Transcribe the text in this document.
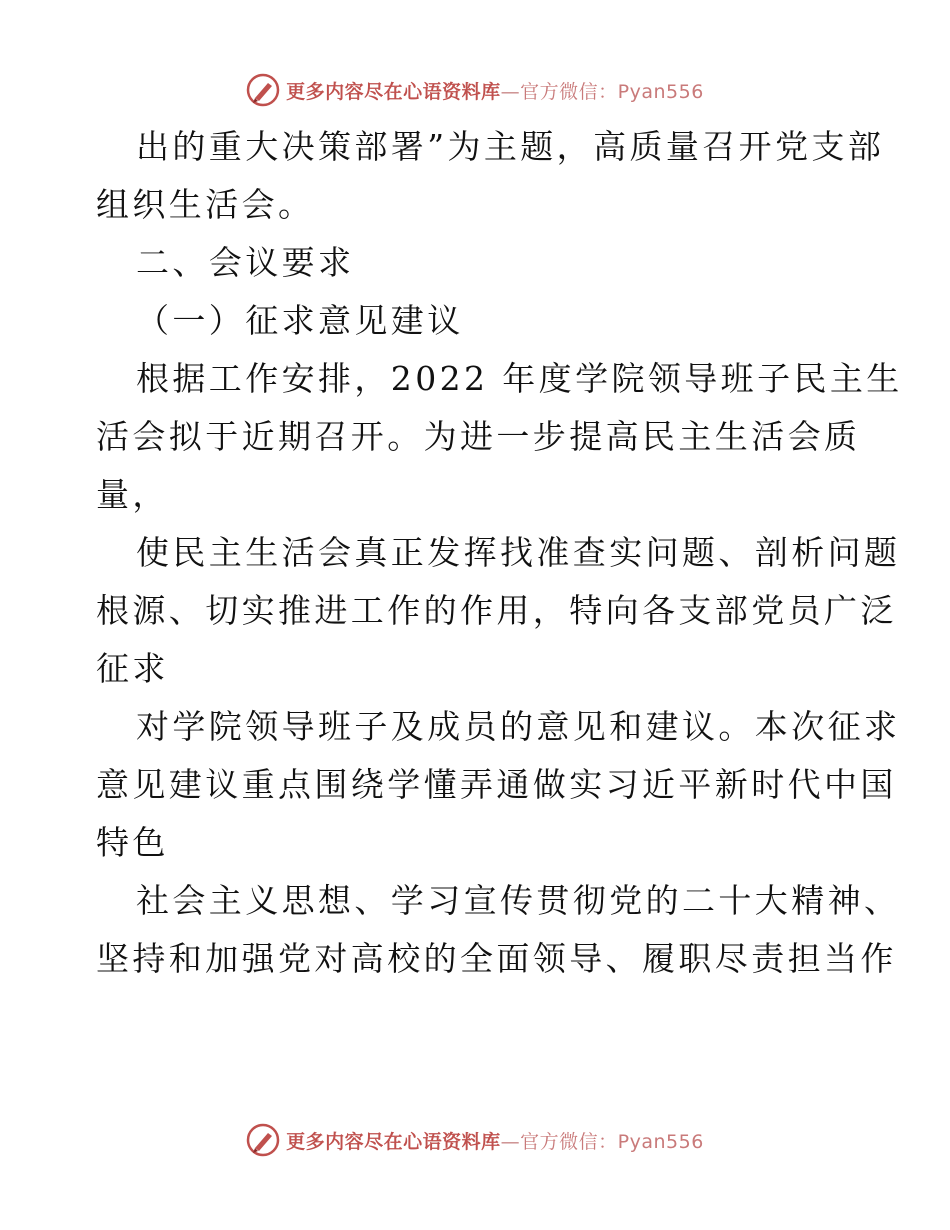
更多内容尽在心语资料库—官方微信：Pyan556
出的重大决策部署”为主题，高质量召开党支部
组织生活会。
二、会议要求
（一）征求意见建议
根据工作安排，2022 年度学院领导班子民主生
活会拟于近期召开。为进一步提高民主生活会质
量，
使民主生活会真正发挥找准查实问题、剖析问题
根源、切实推进工作的作用，特向各支部党员广泛
征求
对学院领导班子及成员的意见和建议。本次征求
意见建议重点围绕学懂弄通做实习近平新时代中国
特色
社会主义思想、学习宣传贯彻党的二十大精神、
坚持和加强党对高校的全面领导、履职尽责担当作
更多内容尽在心语资料库—官方微信：Pyan556
